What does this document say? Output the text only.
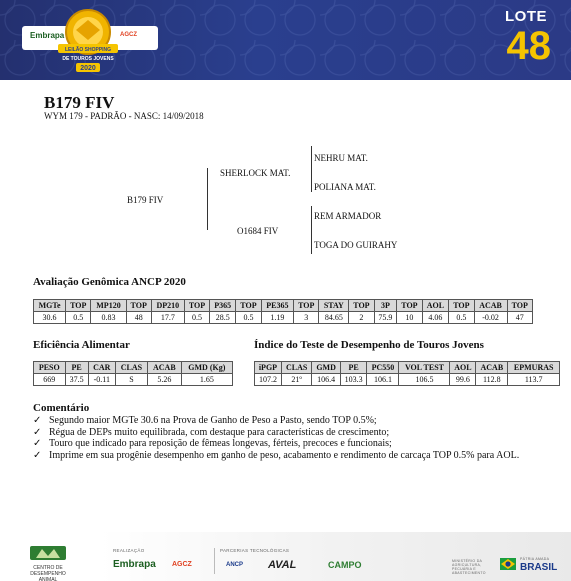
Embrapa	AGCZ
LEILÃO SHOPPING
DE TOUROS JOVENS
2020
LOTE
48
B179 FIV
WYM 179 - PADRÃO - NASC: 14/09/2018
B179 FIV
SHERLOCK MAT.
O1684 FIV
NEHRU MAT.
POLIANA MAT.
REM ARMADOR
TOGA DO GUIRAHY
Avaliação Genômica ANCP 2020
MGTe	TOP	MP120	TOP	DP210	TOP	P365	TOP	PE365	TOP	STAY	TOP	3P	TOP	AOL	TOP	ACAB	TOP
30.6	0.5	0.83	48	17.7	0.5	28.5	0.5	1.19	3	84.65	2	75.9	10	4.06	0.5	-0.02	47
Eficiência Alimentar
PESO	PE	CAR	CLAS	ACAB	GMD (Kg)
669	37.5	-0.11	S	5.26	1.65
Índice do Teste de Desempenho de Touros Jovens
iPGP	CLAS	GMD	PE	PC550	VOL TEST	AOL	ACAB	EPMURAS
107.2	21º	106.4	103.3	106.1	106.5	99.6	112.8	113.7
Comentário
✓ Segundo maior MGTe 30.6 na Prova de Ganho de Peso a Pasto, sendo TOP 0.5%;
✓ Régua de DEPs muito equilibrada, com destaque para características de crescimento;
✓ Touro que indicado para reposição de fêmeas longevas, férteis, precoces e funcionais;
✓ Imprime em sua progênie desempenho em ganho de peso, acabamento e rendimento de carcaça TOP 0.5% para AOL.
CENTRO DE DESEMPENHO ANIMAL
REALIZAÇÃO
Embrapa AGCZ
PARCERIAS TECNOLÓGICAS
ANCP AVAL	CAMPO	MINISTÉRIO DA AGRICULTURA, PECUÁRIA E ABASTECIMENTO
PÁTRIA AMADA
BRASIL
